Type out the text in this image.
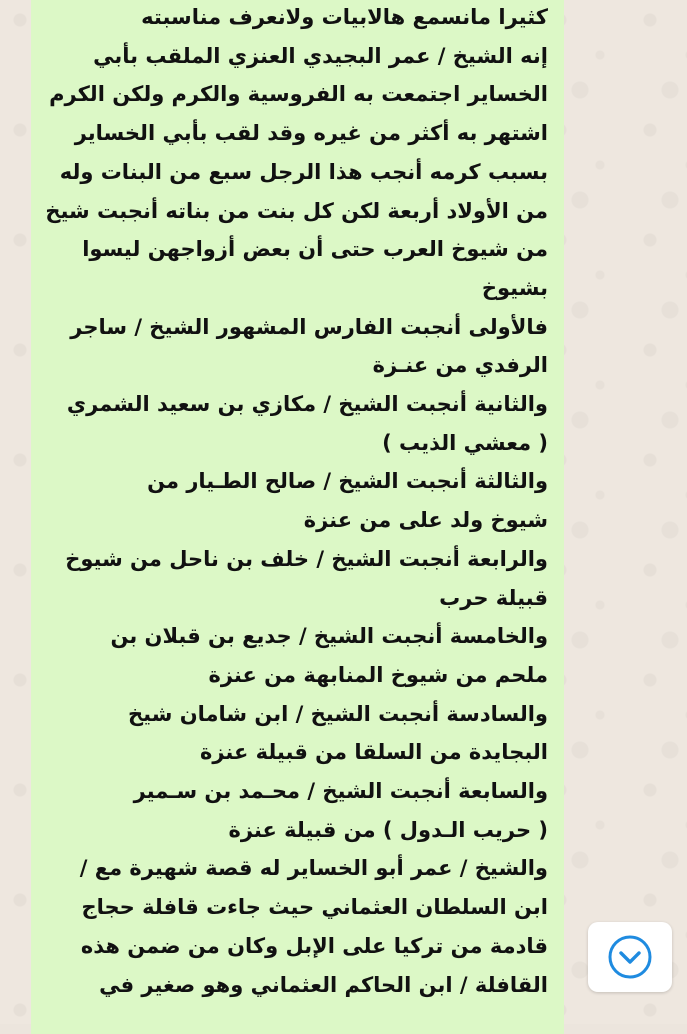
كثيرا مانسمع هالابيات ولانعرف مناسبته
إنه الشيخ / عمر البجيدي العنزي الملقب بأبي
الخساير اجتمعت به الفروسية والكرم ولكن الكرم
اشتهر به أكثر من غيره وقد لقب بأبي الخساير
بسبب كرمه أنجب هذا الرجل سبع من البنات وله
من الأولاد أربعة لكن كل بنت من بناته أنجبت شيخ
من شيوخ العرب حتى أن بعض أزواجهن ليسوا
بشيوخ
فالأولى أنجبت الفارس المشهور الشيخ / ساجر
الرفدي من عنـزة
والثانية أنجبت الشيخ / مكازي بن سعيد الشمري
( معشي الذيب )
والثالثة أنجبت الشيخ / صالح الطـيار من
شيوخ ولد على من عنزة
والرابعة أنجبت الشيخ / خلف بن ناحل من شيوخ
قبيلة حرب
والخامسة أنجبت الشيخ / جديع بن قبلان بن
ملحم من شيوخ المنابهة من عنزة
والسادسة أنجبت الشيخ / ابن شامان شيخ
البجايدة من السلقا من قبيلة عنزة
والسابعة أنجبت الشيخ / محـمد بن سـمير
( حريب الـدول ) من قبيلة عنزة
والشيخ / عمر أبو الخساير له قصة شهيرة مع /
ابن السلطان العثماني حيث جاءت قافلة حجاج
قادمة من تركيا على الإبل وكان من ضمن هذه
القافلة / ابن الحاكم العثماني وهو صغير في
